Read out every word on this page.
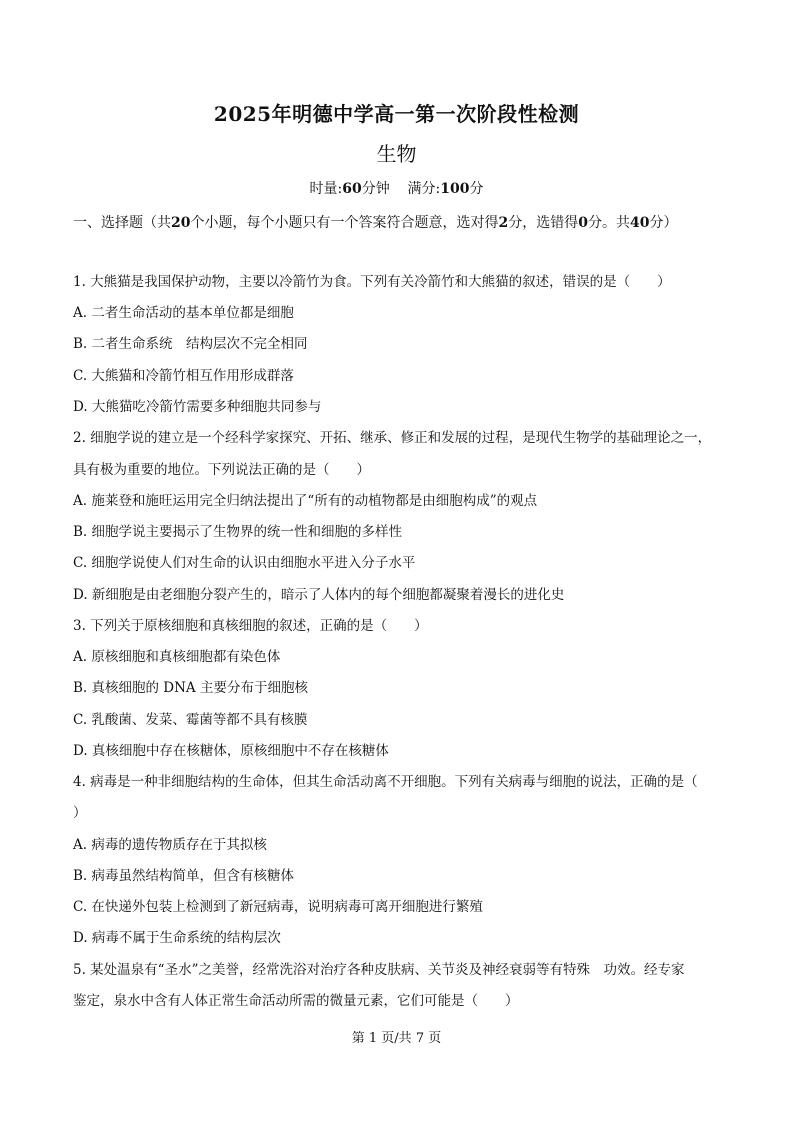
2025年明德中学高一第一次阶段性检测
生物
时量:60分钟 满分:100分
一、选择题（共20个小题，每个小题只有一个答案符合题意，选对得2分，选错得0分。共40分）
1. 大熊猫是我国保护动物，主要以冷箭竹为食。下列有关冷箭竹和大熊猫的叙述，错误的是（　　）
A. 二者生命活动的基本单位都是细胞
B. 二者生命系统　结构层次不完全相同
C. 大熊猫和冷箭竹相互作用形成群落
D. 大熊猫吃冷箭竹需要多种细胞共同参与
2. 细胞学说的建立是一个经科学家探究、开拓、继承、修正和发展的过程，是现代生物学的基础理论之一，
具有极为重要的地位。下列说法正确的是（　　）
A. 施莱登和施旺运用完全归纳法提出了“所有的动植物都是由细胞构成”的观点
B. 细胞学说主要揭示了生物界的统一性和细胞的多样性
C. 细胞学说使人们对生命的认识由细胞水平进入分子水平
D. 新细胞是由老细胞分裂产生的，暗示了人体内的每个细胞都凝聚着漫长的进化史
3. 下列关于原核细胞和真核细胞的叙述，正确的是（　　）
A. 原核细胞和真核细胞都有染色体
B. 真核细胞的 DNA 主要分布于细胞核
C. 乳酸菌、发菜、霉菌等都不具有核膜
D. 真核细胞中存在核糖体，原核细胞中不存在核糖体
4. 病毒是一种非细胞结构的生命体，但其生命活动离不开细胞。下列有关病毒与细胞的说法，正确的是（
）
A. 病毒的遗传物质存在于其拟核
B. 病毒虽然结构简单，但含有核糖体
C. 在快递外包装上检测到了新冠病毒，说明病毒可离开细胞进行繁殖
D. 病毒不属于生命系统的结构层次
5. 某处温泉有“圣水”之美誉，经常洗浴对治疗各种皮肤病、关节炎及神经衰弱等有特殊　功效。经专家
鉴定，泉水中含有人体正常生命活动所需的微量元素，它们可能是（　　）
第 1 页/共 7 页
